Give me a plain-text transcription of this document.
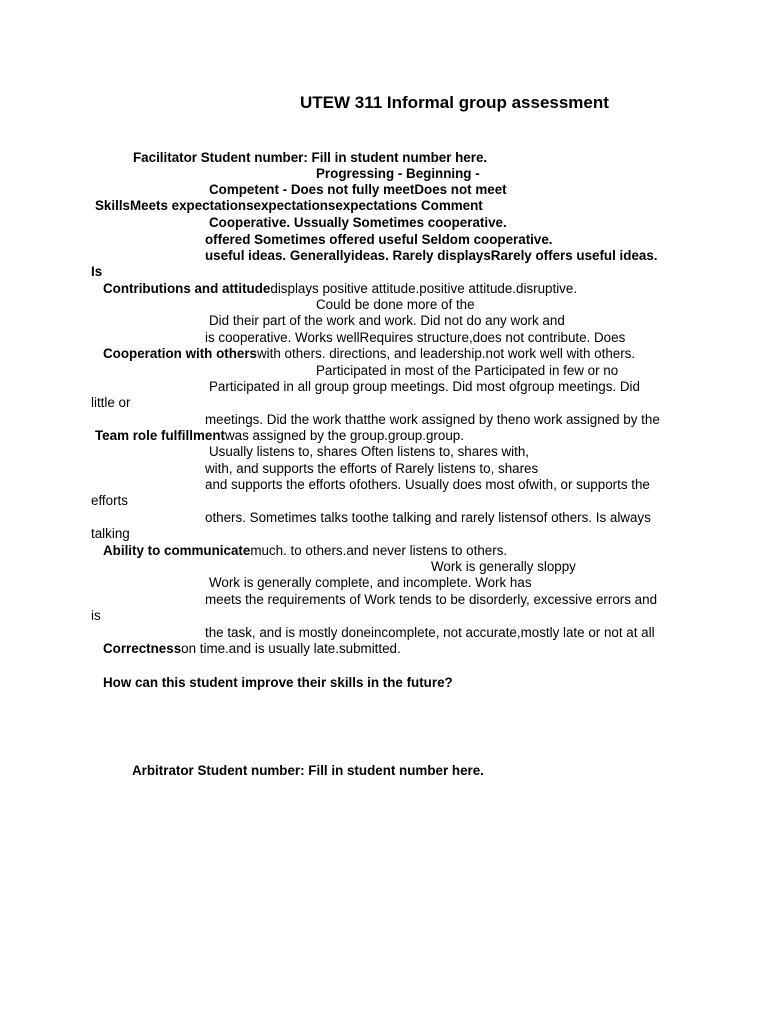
UTEW 311 Informal group assessment
Facilitator Student number: Fill in student number here.
Progressing - Beginning -
Competent - Does not fully meetDoes not meet
SkillsMeets expectationsexpectationsexpectations Comment
Cooperative. Ussually Sometimes cooperative.
offered Sometimes offered useful Seldom cooperative.
useful ideas. Generallyideas. Rarely displaysRarely offers useful ideas.
Is
Contributions and attitudedisplays positive attitude.positive attitude.disruptive.
Could be done more of the
Did their part of the work and work. Did not do any work and
is cooperative. Works wellRequires structure,does not contribute. Does
Cooperation with otherswith others. directions, and leadership.not work well with others.
Participated in most of the Participated in few or no
Participated in all group group meetings. Did most ofgroup meetings. Did
little or
meetings. Did the work thatthe work assigned by theno work assigned by the
Team role fulfillmentwas assigned by the group.group.group.
Usually listens to, shares Often listens to, shares with,
with, and supports the efforts of Rarely listens to, shares
and supports the efforts ofothers. Usually does most ofwith, or supports the
efforts
others. Sometimes talks toothe talking and rarely listensof others. Is always
talking
Ability to communicatemuch. to others.and never listens to others.
Work is generally sloppy
Work is generally complete, and incomplete. Work has
meets the requirements of Work tends to be disorderly, excessive errors and
is
the task, and is mostly doneincomplete, not accurate,mostly late or not at all
Correctnesson time.and is usually late.submitted.
How can this student improve their skills in the future?
Arbitrator Student number: Fill in student number here.
